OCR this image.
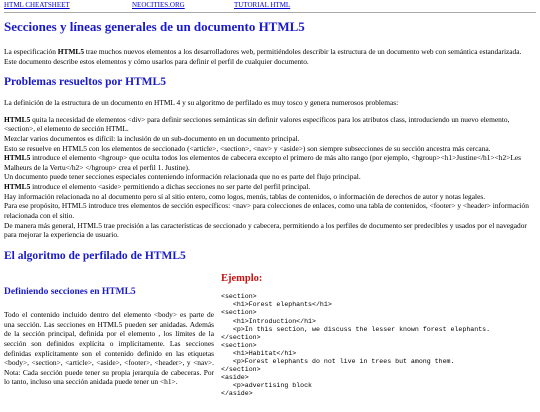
HTML CHEATSHEET	NEOCITIES.ORG	TUTORIAL HTML
Secciones y líneas generales de un documento HTML5

La especificación HTML5 trae muchos nuevos elementos a los desarrolladores web, permitiéndoles describir la estructura de un documento web con semántica estandarizada.

Este documento describe estos elementos y cómo usarlos para definir el perfil de cualquier documento.

Problemas resueltos por HTML5

La definición de la estructura de un documento en HTML 4 y su algoritmo de perfilado es muy tosco y genera numerosos problemas:

HTML5 quita la necesidad de elementos <div> para definir secciones semánticas sin definir valores específicos para los atributos class, introduciendo un nuevo elemento, <section>, el elemento de sección HTML.

Mezclar varios documentos es difícil: la inclusión de un sub-documento en un documento principal.

Esto se resuelve en HTML5 con los elementos de seccionado (<article>, <section>, <nav> y <aside>) son siempre subsecciones de su sección ancestra más cercana.

HTML5 introduce el elemento <hgroup> que oculta todos los elementos de cabecera excepto el primero de más alto rango (por ejemplo, <hgroup><h1>Justine</h1><h2>Les Malheurs de la Vertu</h2> </hgroup> crea el perfil 1. Justine).

Un documento puede tener secciones especiales conteniendo información relacionada que no es parte del flujo principal.

HTML5 introduce el elemento <aside> permitiendo a dichas secciones no ser parte del perfil principal.

Hay información relacionada no al documento pero sí al sitio entero, como logos, menús, tablas de contenidos, o información de derechos de autor y notas legales.

Para ese propósito, HTML5 introduce tres elementos de sección específicos: <nav> para colecciones de enlaces, como una tabla de contenidos, <footer> y <header> información relacionada con el sitio.

De manera más general, HTML5 trae precisión a las características de seccionado y cabecera, permitiendo a los perfiles de documento ser predecibles y usados por el navegador para mejorar la experiencia de usuario.

El algoritmo de perfilado de HTML5
Definiendo secciones en HTML5

Todo el contenido incluido dentro del elemento <body> es parte de una sección. Las secciones en HTML5 pueden ser anidadas. Además de la sección principal, definida por el elemento , los límites de la sección son definidos explícita o implícitamente. Las secciones definidas explícitamente son el contenido definido en las etiquetas <body>, <section>, <article>, <aside>, <footer>, <header>, y <nav>. Nota: Cada sección puede tener su propia jerarquía de cabeceras. Por lo tanto, incluso una sección anidada puede tener un <h1>.

Ejemplo:
<section>
<h1>Forest elephants</h1>
<section>
<h1>Introduction</h1>
<p>In this section, we discuss the lesser known forest elephants.
</section>
<section>
<h1>Habitat</h1>
<p>Forest elephants do not live in trees but among them.
</section>
<aside>
<p>advertising block
</aside>
